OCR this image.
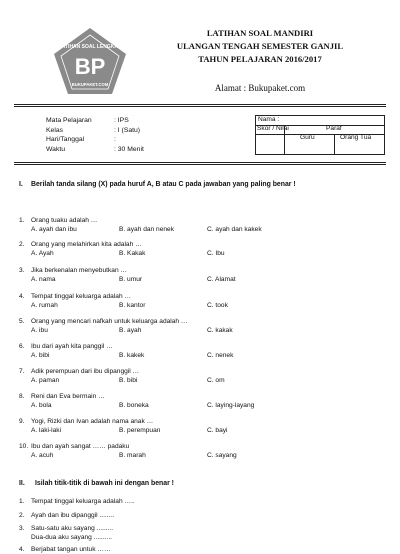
BP
LATIHAN SOAL LENGKAP
BUKUPAKET.COM
LATIHAN SOAL MANDIRI
ULANGAN TENGAH SEMESTER GANJIL
TAHUN PELAJARAN 2016/2017
Alamat : Bukupaket.com
Mata Pelajaran	: IPS
Kelas	: I (Satu)
Hari/Tanggal	:
Waktu	: 30 Menit
Nama :
Skor / Nilai	Paraf
Guru	Orang Tua
I.	Berilah tanda silang (X) pada huruf A, B atau C pada jawaban yang paling benar !
1. Orang tuaku adalah …
A. ayah dan ibu	B. ayah dan nenek	C. ayah dan kakek
2. Orang yang melahirkan kita adalah …
A. Ayah	B. Kakak	C. Ibu
3. Jika berkenalan menyebutkan …
A. nama	B. umur	C. Alamat
4. Tempat tinggal keluarga adalah …
A. rumah	B. kantor	C. took
5. Orang yang mencari nafkah untuk keluarga adalah …
A. ibu	B. ayah	C. kakak
6. Ibu dari ayah kita panggil …
A. bibi	B. kakek	C. nenek
7. Adik perempuan dari ibu dipanggil …
A. paman	B. bibi	C. om
8. Reni dan Eva bermain …
A. bola	B. boneka	C. laying-layang
9. Yogi, Rizki dan Ivan adalah nama anak …
A. laki-laki	B. perempuan	C. bayi
10. Ibu dan ayah sangat …… padaku
A. acuh	B. marah	C. sayang
II. Isilah titik-titik di bawah ini dengan benar !
1. Tempat tinggal keluarga adalah …..
2. Ayah dan ibu dipanggil ........
3. Satu-satu aku sayang .........
Dua-dua aku sayang ..........
4. Berjabat tangan untuk ……
